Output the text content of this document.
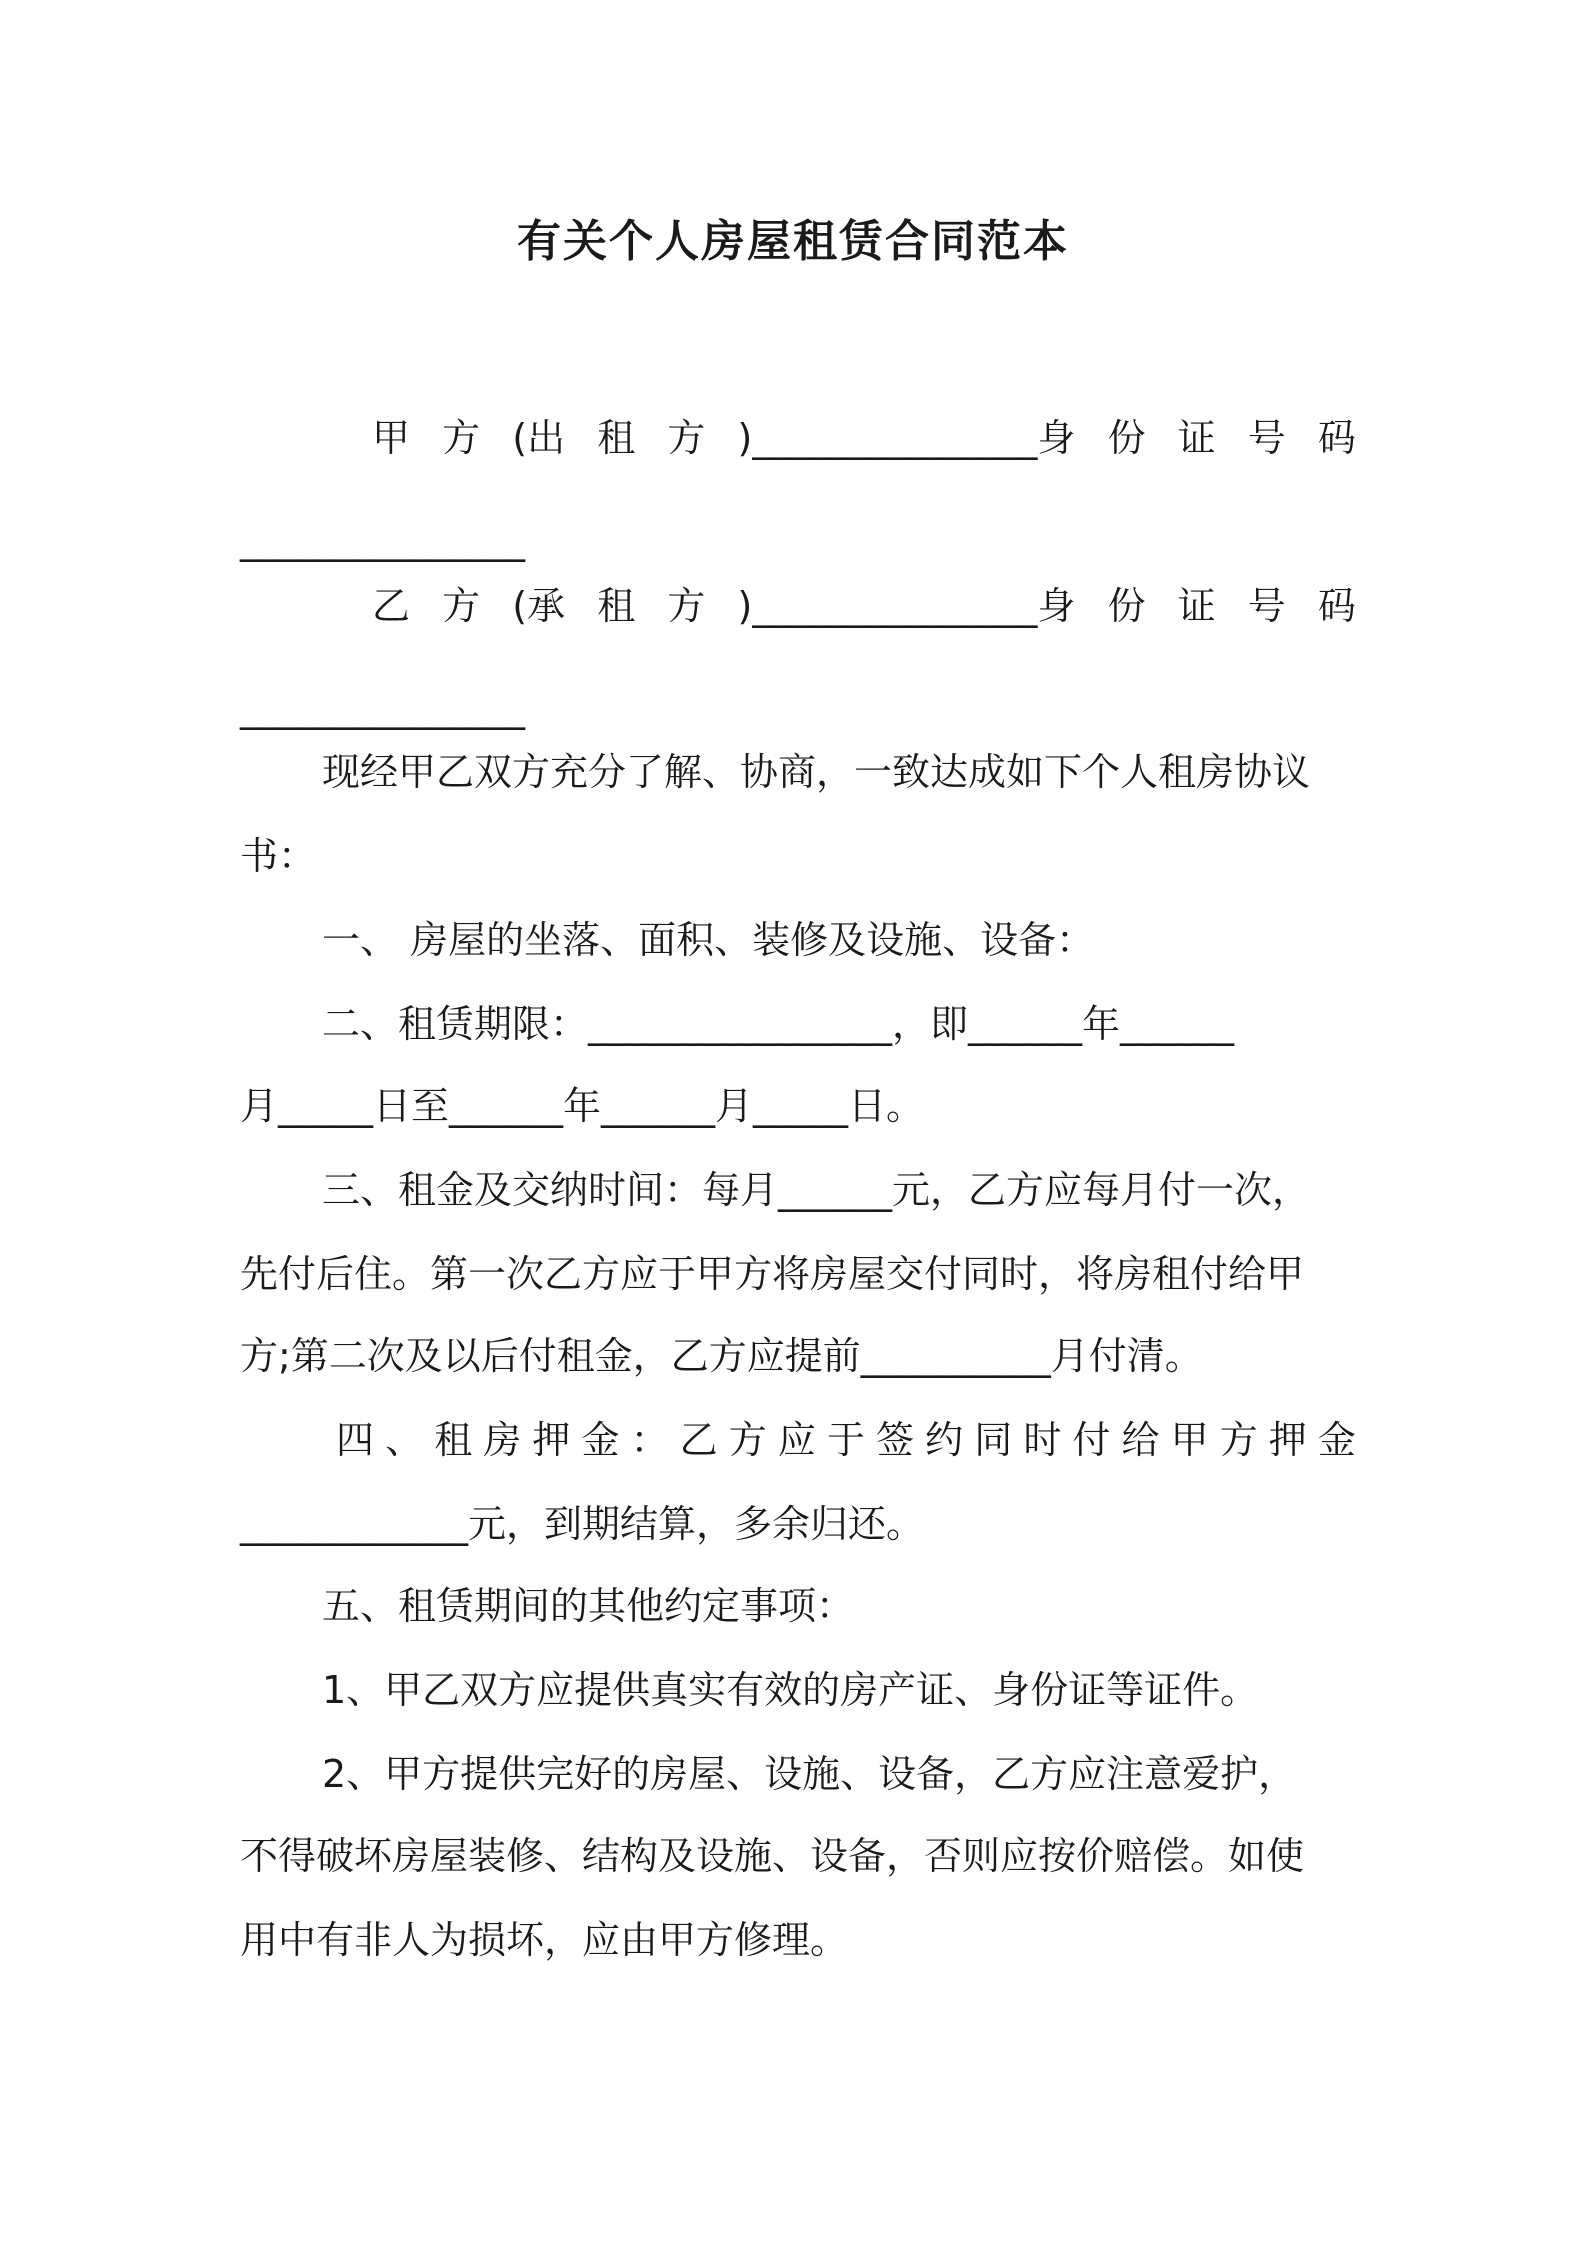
有关个人房屋租赁合同范本
甲 方 (出 租 方 )_______________身 份 证 号 码
_______________
乙 方 (承 租 方 )_______________身 份 证 号 码
_______________
现经甲乙双方充分了解、协商，一致达成如下个人租房协议
书：
一、 房屋的坐落、面积、装修及设施、设备：
二、租赁期限：________________，即______年______
月_____日至______年______月_____日。
三、租金及交纳时间：每月______元，乙方应每月付一次，
先付后住。第一次乙方应于甲方将房屋交付同时，将房租付给甲
方;第二次及以后付租金，乙方应提前__________月付清。
四 、 租 房 押 金 ： 乙 方 应 于 签 约 同 时 付 给 甲 方 押 金
____________元，到期结算，多余归还。
五、租赁期间的其他约定事项：
1、甲乙双方应提供真实有效的房产证、身份证等证件。
2、甲方提供完好的房屋、设施、设备，乙方应注意爱护，
不得破坏房屋装修、结构及设施、设备，否则应按价赔偿。如使
用中有非人为损坏，应由甲方修理。
